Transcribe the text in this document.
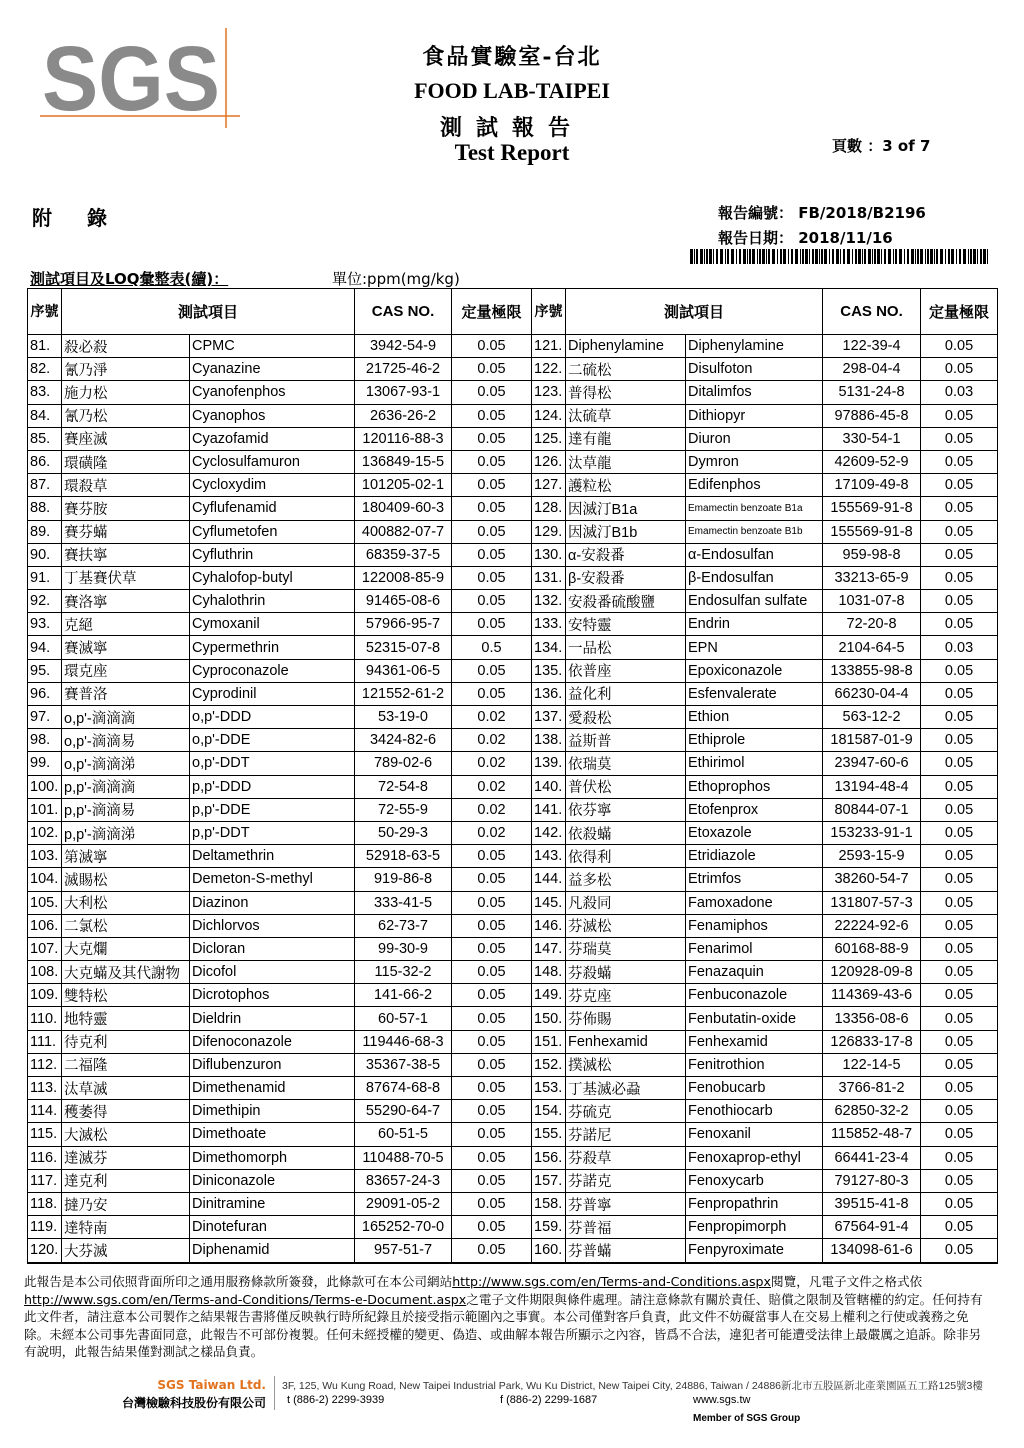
SGS	食品實驗室-台北
FOOD LAB-TAIPEI
測試報告
Test Report	頁數 ：3 of 7
附 錄	報告編號： FB/2018/B2196
報告日期： 2018/11/16
測試項目及LOQ彙整表(續)：	單位:ppm(mg/kg)
序號	測試項目		CAS NO.	定量極限	序號	測試項目		CAS NO.	定量極限
81.	殺必殺	CPMC	3942-54-9	0.05	121.	Diphenylamine	Diphenylamine	122-39-4	0.05
82.	氰乃淨	Cyanazine	21725-46-2	0.05	122.	二硫松	Disulfoton	298-04-4	0.05
83.	施力松	Cyanofenphos	13067-93-1	0.05	123.	普得松	Ditalimfos	5131-24-8	0.03
84.	氰乃松	Cyanophos	2636-26-2	0.05	124.	汰硫草	Dithiopyr	97886-45-8	0.05
85.	賽座滅	Cyazofamid	120116-88-3	0.05	125.	達有龍	Diuron	330-54-1	0.05
86.	環磺隆	Cyclosulfamuron	136849-15-5	0.05	126.	汰草龍	Dymron	42609-52-9	0.05
87.	環殺草	Cycloxydim	101205-02-1	0.05	127.	護粒松	Edifenphos	17109-49-8	0.05
88.	賽芬胺	Cyflufenamid	180409-60-3	0.05	128.	因滅汀B1a	Emamectin benzoate B1a	155569-91-8	0.05
89.	賽芬蟎	Cyflumetofen	400882-07-7	0.05	129.	因滅汀B1b	Emamectin benzoate B1b	155569-91-8	0.05
90.	賽扶寧	Cyfluthrin	68359-37-5	0.05	130.	α-安殺番	α-Endosulfan	959-98-8	0.05
91.	丁基賽伏草	Cyhalofop-butyl	122008-85-9	0.05	131.	β-安殺番	β-Endosulfan	33213-65-9	0.05
92.	賽洛寧	Cyhalothrin	91465-08-6	0.05	132.	安殺番硫酸鹽	Endosulfan sulfate	1031-07-8	0.05
93.	克絕	Cymoxanil	57966-95-7	0.05	133.	安特靈	Endrin	72-20-8	0.05
94.	賽滅寧	Cypermethrin	52315-07-8	0.5	134.	一品松	EPN	2104-64-5	0.03
95.	環克座	Cyproconazole	94361-06-5	0.05	135.	依普座	Epoxiconazole	133855-98-8	0.05
96.	賽普洛	Cyprodinil	121552-61-2	0.05	136.	益化利	Esfenvalerate	66230-04-4	0.05
97.	o,p'-滴滴滴	o,p'-DDD	53-19-0	0.02	137.	愛殺松	Ethion	563-12-2	0.05
98.	o,p'-滴滴易	o,p'-DDE	3424-82-6	0.02	138.	益斯普	Ethiprole	181587-01-9	0.05
99.	o,p'-滴滴涕	o,p'-DDT	789-02-6	0.02	139.	依瑞莫	Ethirimol	23947-60-6	0.05
100.	p,p'-滴滴滴	p,p'-DDD	72-54-8	0.02	140.	普伏松	Ethoprophos	13194-48-4	0.05
101.	p,p'-滴滴易	p,p'-DDE	72-55-9	0.02	141.	依芬寧	Etofenprox	80844-07-1	0.05
102.	p,p'-滴滴涕	p,p'-DDT	50-29-3	0.02	142.	依殺蟎	Etoxazole	153233-91-1	0.05
103.	第滅寧	Deltamethrin	52918-63-5	0.05	143.	依得利	Etridiazole	2593-15-9	0.05
104.	滅賜松	Demeton-S-methyl	919-86-8	0.05	144.	益多松	Etrimfos	38260-54-7	0.05
105.	大利松	Diazinon	333-41-5	0.05	145.	凡殺同	Famoxadone	131807-57-3	0.05
106.	二氯松	Dichlorvos	62-73-7	0.05	146.	芬滅松	Fenamiphos	22224-92-6	0.05
107.	大克爛	Dicloran	99-30-9	0.05	147.	芬瑞莫	Fenarimol	60168-88-9	0.05
108.	大克蟎及其代謝物	Dicofol	115-32-2	0.05	148.	芬殺蟎	Fenazaquin	120928-09-8	0.05
109.	雙特松	Dicrotophos	141-66-2	0.05	149.	芬克座	Fenbuconazole	114369-43-6	0.05
110.	地特靈	Dieldrin	60-57-1	0.05	150.	芬佈賜	Fenbutatin-oxide	13356-08-6	0.05
111.	待克利	Difenoconazole	119446-68-3	0.05	151.	Fenhexamid	Fenhexamid	126833-17-8	0.05
112.	二福隆	Diflubenzuron	35367-38-5	0.05	152.	撲滅松	Fenitrothion	122-14-5	0.05
113.	汰草滅	Dimethenamid	87674-68-8	0.05	153.	丁基滅必蝨	Fenobucarb	3766-81-2	0.05
114.	穫萎得	Dimethipin	55290-64-7	0.05	154.	芬硫克	Fenothiocarb	62850-32-2	0.05
115.	大滅松	Dimethoate	60-51-5	0.05	155.	芬諾尼	Fenoxanil	115852-48-7	0.05
116.	達滅芬	Dimethomorph	110488-70-5	0.05	156.	芬殺草	Fenoxaprop-ethyl	66441-23-4	0.05
117.	達克利	Diniconazole	83657-24-3	0.05	157.	芬諾克	Fenoxycarb	79127-80-3	0.05
118.	撻乃安	Dinitramine	29091-05-2	0.05	158.	芬普寧	Fenpropathrin	39515-41-8	0.05
119.	達特南	Dinotefuran	165252-70-0	0.05	159.	芬普福	Fenpropimorph	67564-91-4	0.05
120.	大芬滅	Diphenamid	957-51-7	0.05	160.	芬普蟎	Fenpyroximate	134098-61-6	0.05
此報告是本公司依照背面所印之通用服務條款所簽發，此條款可在本公司網站http://www.sgs.com/en/Terms-and-Conditions.aspx閱覽，凡電子文件之格式依http://www.sgs.com/en/Terms-and-Conditions/Terms-e-Document.aspx之電子文件期限與條件處理。請注意條款有關於責任、賠償之限制及管轄權的約定。任何持有此文件者，請注意本公司製作之結果報告書將僅反映執行時所紀錄且於接受指示範圍內之事實。本公司僅對客戶負責，此文件不妨礙當事人在交易上權利之行使或義務之免除。未經本公司事先書面同意，此報告不可部份複製。任何未經授權的變更、偽造、或曲解本報告所顯示之內容，皆爲不合法，違犯者可能遭受法律上最嚴厲之追訴。除非另有說明，此報告結果僅對測試之樣品負責。
SGS Taiwan Ltd.
台灣檢驗科技股份有限公司
3F, 125, Wu Kung Road, New Taipei Industrial Park, Wu Ku District, New Taipei City, 24886, Taiwan / 24886新北市五股區新北產業園區五工路125號3樓
t (886-2) 2299-3939	f (886-2) 2299-1687	www.sgs.tw
Member of SGS Group
